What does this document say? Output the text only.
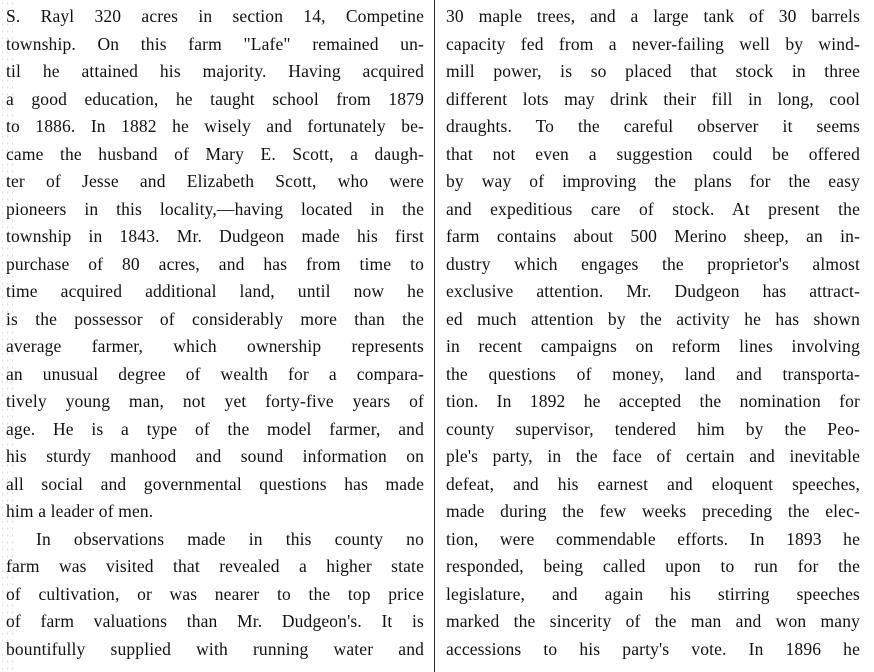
S. Rayl 320 acres in section 14, Competine
township. On this farm "Lafe" remained un-
til he attained his majority. Having acquired
a good education, he taught school from 1879
to 1886. In 1882 he wisely and fortunately be-
came the husband of Mary E. Scott, a daugh-
ter of Jesse and Elizabeth Scott, who were
pioneers in this locality,—having located in the
township in 1843. Mr. Dudgeon made his first
purchase of 80 acres, and has from time to
time acquired additional land, until now he
is the possessor of considerably more than the
average farmer, which ownership represents
an unusual degree of wealth for a compara-
tively young man, not yet forty-five years of
age. He is a type of the model farmer, and
his sturdy manhood and sound information on
all social and governmental questions has made
him a leader of men.
In observations made in this county no
farm was visited that revealed a higher state
of cultivation, or was nearer to the top price
of farm valuations than Mr. Dudgeon's. It is
bountifully supplied with running water and
30 maple trees, and a large tank of 30 barrels
capacity fed from a never-failing well by wind-
mill power, is so placed that stock in three
different lots may drink their fill in long, cool
draughts. To the careful observer it seems
that not even a suggestion could be offered
by way of improving the plans for the easy
and expeditious care of stock. At present the
farm contains about 500 Merino sheep, an in-
dustry which engages the proprietor's almost
exclusive attention. Mr. Dudgeon has attract-
ed much attention by the activity he has shown
in recent campaigns on reform lines involving
the questions of money, land and transporta-
tion. In 1892 he accepted the nomination for
county supervisor, tendered him by the Peo-
ple's party, in the face of certain and inevitable
defeat, and his earnest and eloquent speeches,
made during the few weeks preceding the elec-
tion, were commendable efforts. In 1893 he
responded, being called upon to run for the
legislature, and again his stirring speeches
marked the sincerity of the man and won many
accessions to his party's vote. In 1896 he
